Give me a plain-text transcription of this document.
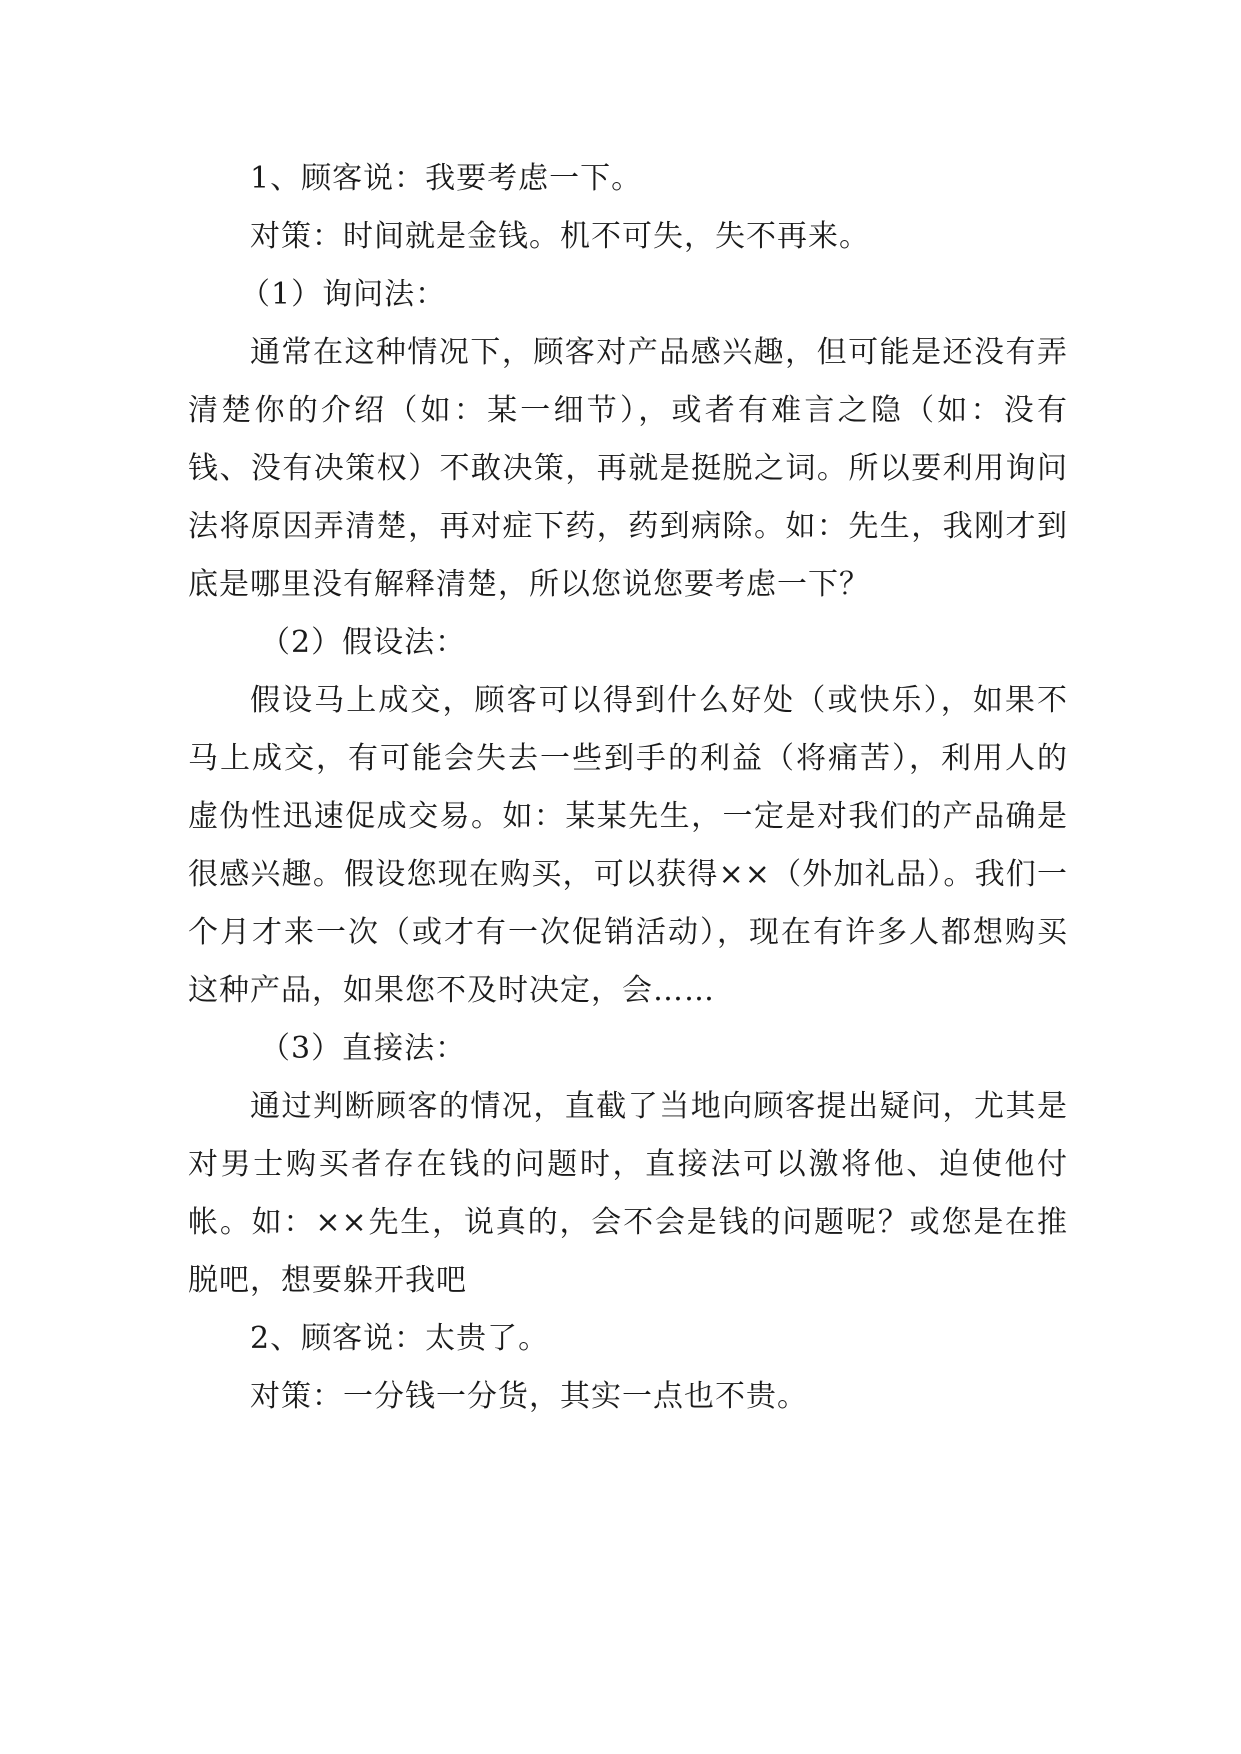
1、顾客说：我要考虑一下。

对策：时间就是金钱。机不可失，失不再来。

（1）询问法：

通常在这种情况下，顾客对产品感兴趣，但可能是还没有弄清楚你的介绍（如：某一细节），或者有难言之隐（如：没有钱、没有决策权）不敢决策，再就是挺脱之词。所以要利用询问法将原因弄清楚，再对症下药，药到病除。如：先生，我刚才到底是哪里没有解释清楚，所以您说您要考虑一下？

（2）假设法：

假设马上成交，顾客可以得到什么好处（或快乐），如果不马上成交，有可能会失去一些到手的利益（将痛苦），利用人的虚伪性迅速促成交易。如：某某先生，一定是对我们的产品确是很感兴趣。假设您现在购买，可以获得××（外加礼品）。我们一个月才来一次（或才有一次促销活动），现在有许多人都想购买这种产品，如果您不及时决定，会……

（3）直接法：

通过判断顾客的情况，直截了当地向顾客提出疑问，尤其是对男士购买者存在钱的问题时，直接法可以激将他、迫使他付帐。如：××先生，说真的，会不会是钱的问题呢？或您是在推脱吧，想要躲开我吧

2、顾客说：太贵了。

对策：一分钱一分货，其实一点也不贵。
